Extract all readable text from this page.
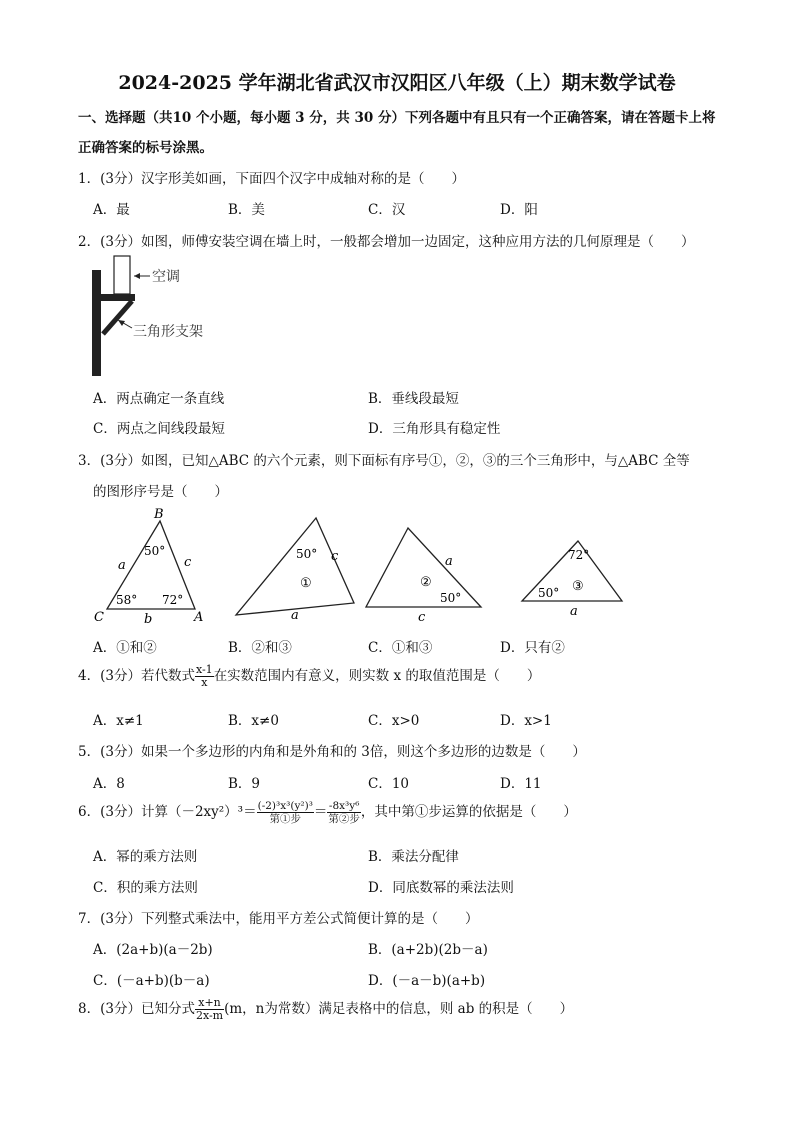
2024-2025 学年湖北省武汉市汉阳区八年级（上）期末数学试卷
一、选择题（共10 个小题，每小题 3 分，共 30 分）下列各题中有且只有一个正确答案，请在答题卡上将
正确答案的标号涂黑。
1．(3分）汉字形美如画，下面四个汉字中成轴对称的是（　　）
A．最	B．美	C．汉	D．阳
2．(3分）如图，师傅安装空调在墙上时，一般都会增加一边固定，这种应用方法的几何原理是（　　）
空调
三角形支架
A．两点确定一条直线	B．垂线段最短
C．两点之间线段最短	D．三角形具有稳定性
3．(3分）如图，已知△ABC 的六个元素，则下面标有序号①，②，③的三个三角形中，与△ABC 全等
的图形序号是（　　）
B
C	A
a
b
c
50°
58° 72°
50° c
a
①	②
50°
a
c
72°
50° ③
a
A．①和②	B．②和③	C．①和③	D．只有②
4．(3分）若代数式 $\frac{x-1}{x}$ 在实数范围内有意义，则实数 x 的取值范围是（　　）
A．x≠1	B．x≠0	C．x>0	D．x>1
5．(3分）如果一个多边形的内角和是外角和的 3倍，则这个多边形的边数是（　　）
A．8	B．9	C．10	D．11
6．(3分）计算$(-2xy^2)^3= \frac{\text{(-2)³x³(y²)³}}{\text{第①步}} = \frac{\text{-8x³y⁶}}{\text{第②步}}$ ，其中第①步运算的依据是（　　）
A．幂的乘方法则	B．乘法分配律
C．积的乘方法则	D．同底数幂的乘法法则
7．(3分）下列整式乘法中，能用平方差公式简便计算的是（　　）
A．(2a+b)(a－2b)	B．(a+2b)(2b－a)
C．(－a+b)(b－a)	D．(－a－b)(a+b)
8．(3分）已知分式 $\frac{x+n}{2x-m} (m$，n为常数）满足表格中的信息，则 ab 的积是（　　）
